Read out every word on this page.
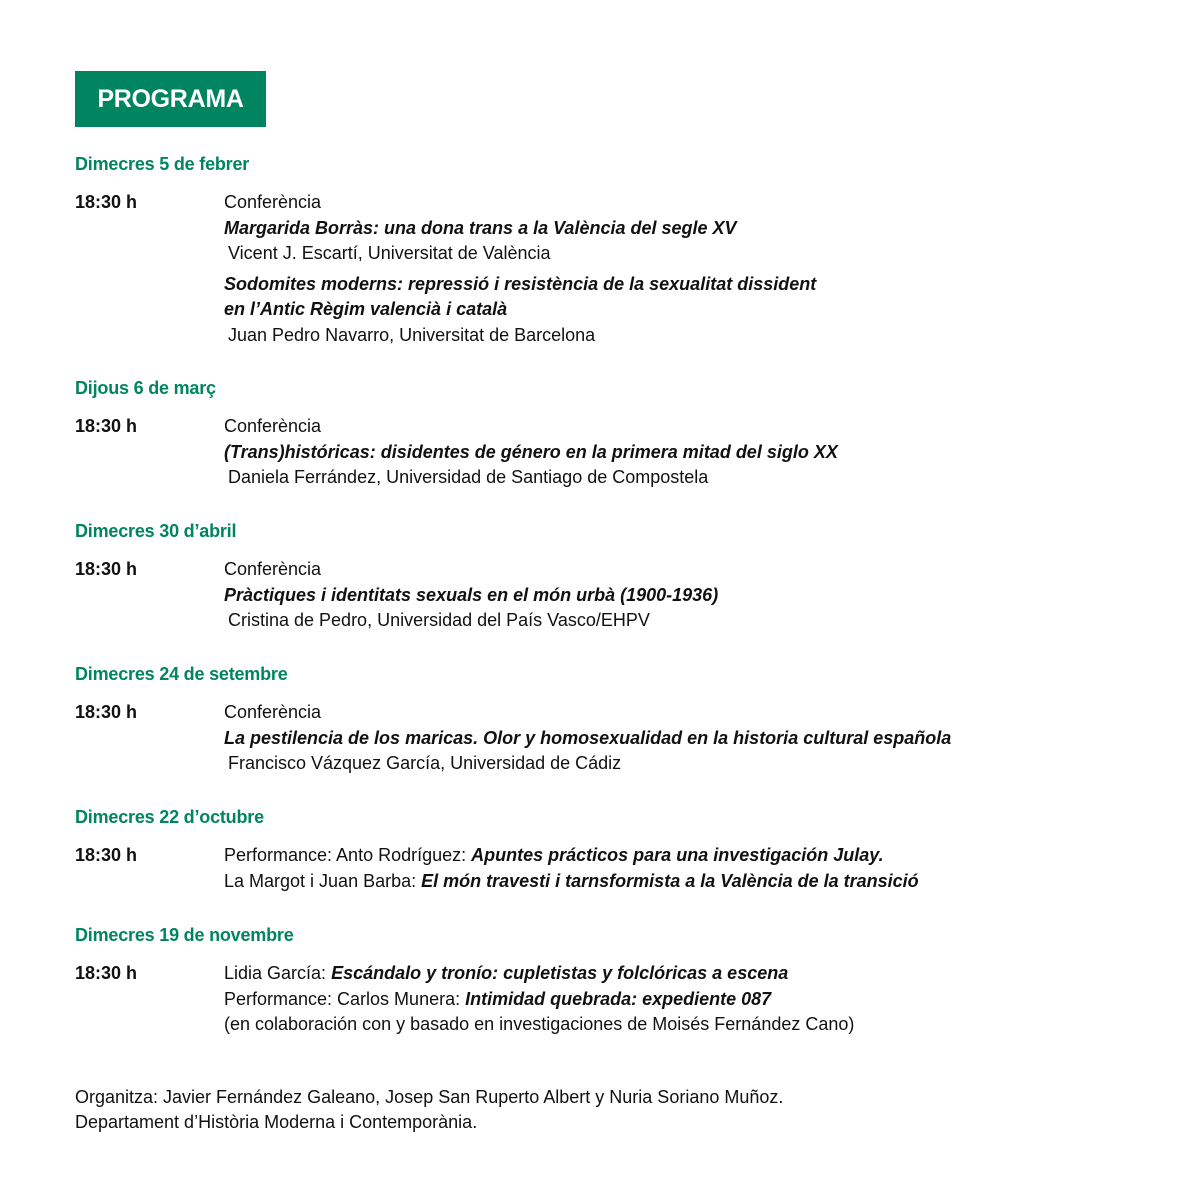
PROGRAMA
Dimecres 5 de febrer
18:30 h	Conferència
Margarida Borràs: una dona trans a la València del segle XV
Vicent J. Escartí, Universitat de València
Sodomites moderns: repressió i resistència de la sexualitat dissident
en l’Antic Règim valencià i català
Juan Pedro Navarro, Universitat de Barcelona
Dijous 6 de març
18:30 h	Conferència
(Trans)históricas: disidentes de género en la primera mitad del siglo XX
Daniela Ferrández, Universidad de Santiago de Compostela
Dimecres 30 d’abril
18:30 h	Conferència
Pràctiques i identitats sexuals en el món urbà (1900-1936)
Cristina de Pedro, Universidad del País Vasco/EHPV
Dimecres 24 de setembre
18:30 h	Conferència
La pestilencia de los maricas. Olor y homosexualidad en la historia cultural española
Francisco Vázquez García, Universidad de Cádiz
Dimecres 22 d’octubre
18:30 h	Performance: Anto Rodríguez: Apuntes prácticos para una investigación Julay.
La Margot i Juan Barba: El món travesti i tarnsformista a la València de la transició
Dimecres 19 de novembre
18:30 h	Lidia García: Escándalo y tronío: cupletistas y folclóricas a escena
Performance: Carlos Munera: Intimidad quebrada: expediente 087
(en colaboración con y basado en investigaciones de Moisés Fernández Cano)
Organitza: Javier Fernández Galeano, Josep San Ruperto Albert y Nuria Soriano Muñoz.
Departament d’Història Moderna i Contemporània.
